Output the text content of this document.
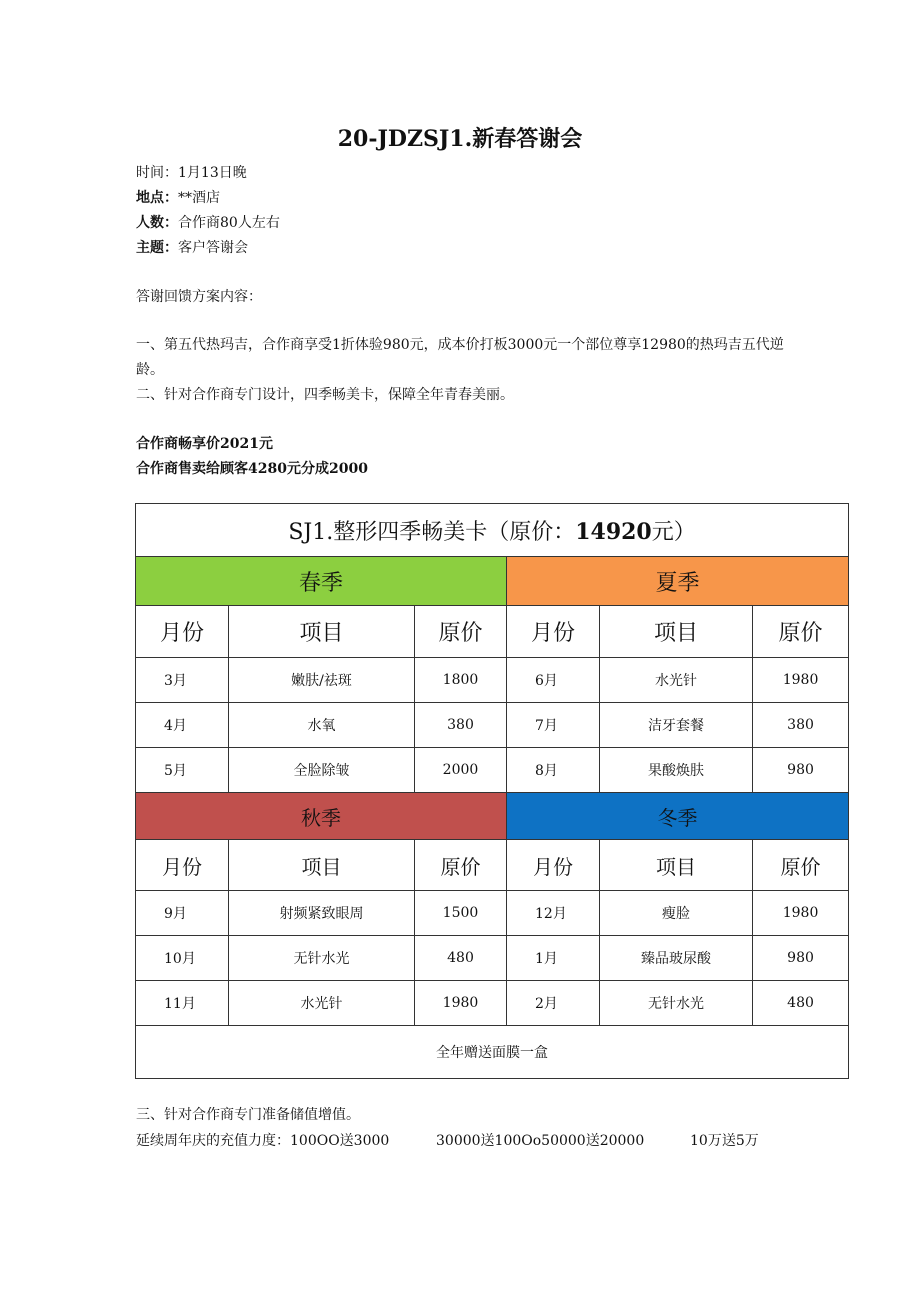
20-JDZSJ1.新春答谢会
时间：1月13日晚
地点：**酒店
人数：合作商80人左右
主题：客户答谢会
答谢回馈方案内容：
一、第五代热玛吉，合作商享受1折体验980元，成本价打板3000元一个部位尊享12980的热玛吉五代逆
龄。
二、针对合作商专门设计，四季畅美卡，保障全年青春美丽。
合作商畅享价2021元
合作商售卖给顾客4280元分成2000
SJ1.整形四季畅美卡（原价：14920元）					
春季			夏季		
月份	项目	原价	月份	项目	原价
3月	嫩肤/祛斑	1800	6月	水光针	1980
4月	水氧	380	7月	洁牙套餐	380
5月	全脸除皱	2000	8月	果酸焕肤	980
秋季			冬季		
月份	项目	原价	月份	项目	原价
9月	射频紧致眼周	1500	12月	瘦脸	1980
10月	无针水光	480	1月	臻品玻尿酸	980
11月	水光针	1980	2月	无针水光	480
全年赠送面膜一盒					
三、针对合作商专门准备储值增值。
延续周年庆的充值力度：100OO送3000	30000送100Oo50000送20000	10万送5万
